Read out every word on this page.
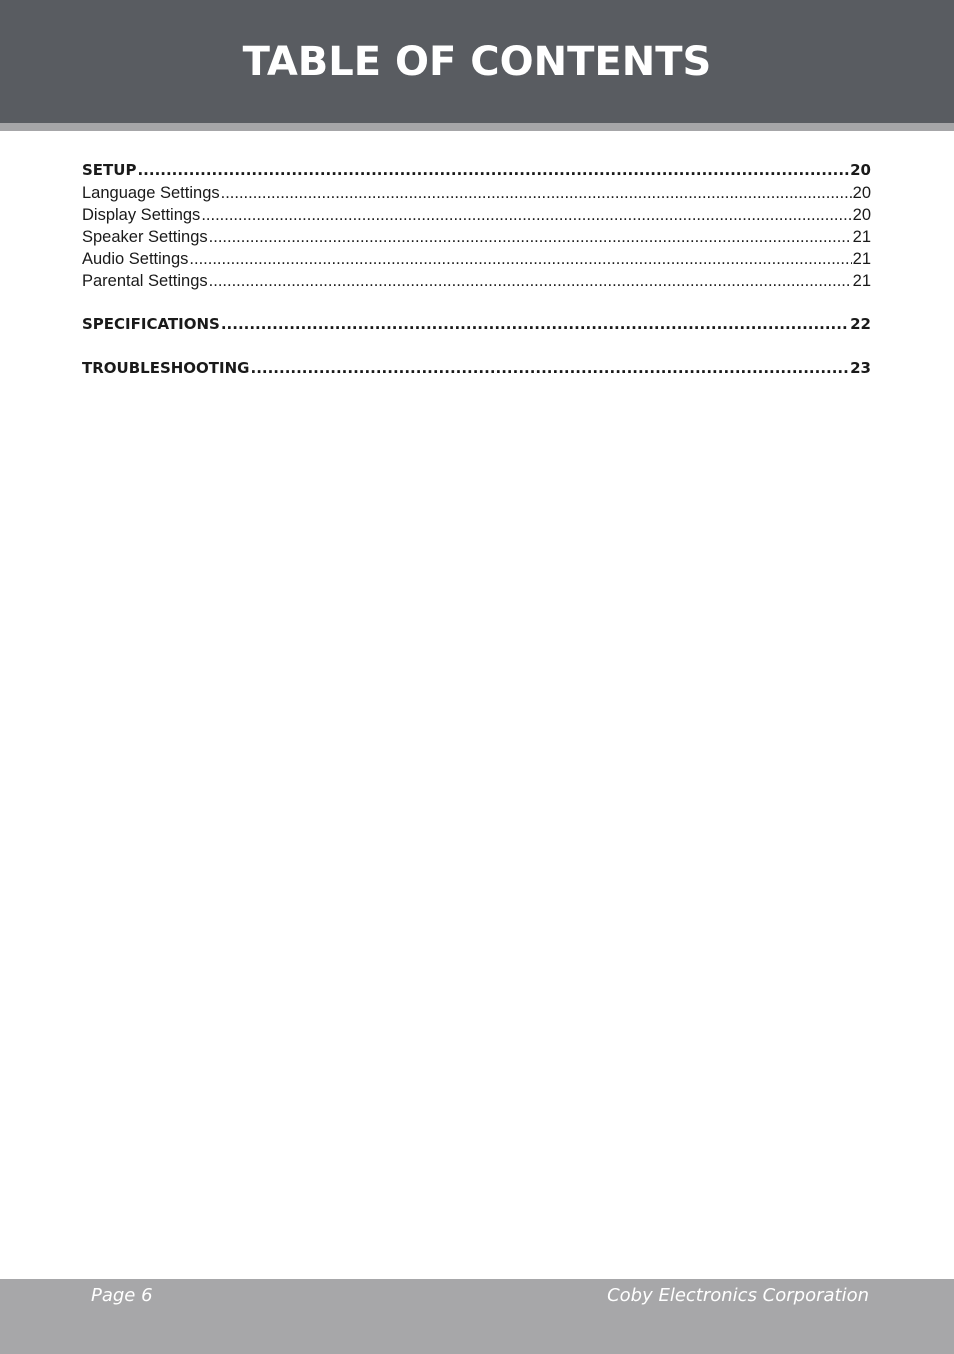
TABLE OF CONTENTS
SETUP .....	20
Language Settings .....	20
Display Settings .....	20
Speaker Settings .....	21
Audio Settings .....	21
Parental Settings .....	21
SPECIFICATIONS .....	22
TROUBLESHOOTING .....	23
Page 6	Coby Electronics Corporation
